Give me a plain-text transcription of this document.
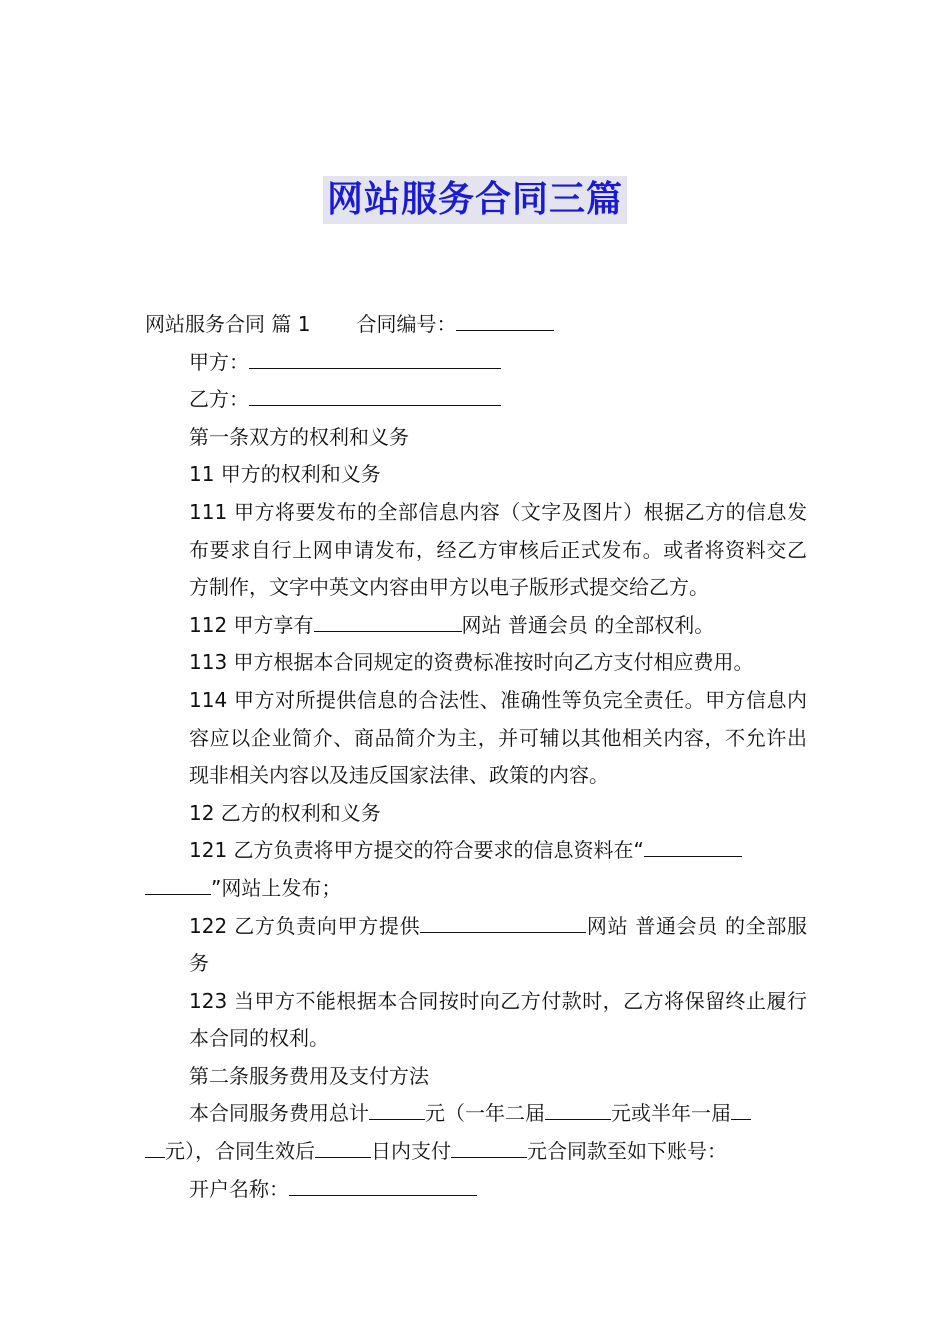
网站服务合同三篇

网站服务合同 篇 1 合同编号：

甲方：

乙方：

第一条双方的权利和义务

11 甲方的权利和义务

111 甲方将要发布的全部信息内容（文字及图片）根据乙方的信息发布要求自行上网申请发布，经乙方审核后正式发布。或者将资料交乙方制作，文字中英文内容由甲方以电子版形式提交给乙方。

112 甲方享有	网站 普通会员 的全部权利。

113 甲方根据本合同规定的资费标准按时向乙方支付相应费用。

114 甲方对所提供信息的合法性、准确性等负完全责任。甲方信息内容应以企业简介、商品简介为主，并可辅以其他相关内容，不允许出现非相关内容以及违反国家法律、政策的内容。

12 乙方的权利和义务

121 乙方负责将甲方提交的符合要求的信息资料在“
”网站上发布；

122 乙方负责向甲方提供	网站 普通会员 的全部服务

123 当甲方不能根据本合同按时向乙方付款时，乙方将保留终止履行本合同的权利。

第二条服务费用及支付方法

本合同服务费用总计	元（一年二届	元或半年一届
元），合同生效后	日内支付	元合同款至如下账号：

开户名称：
